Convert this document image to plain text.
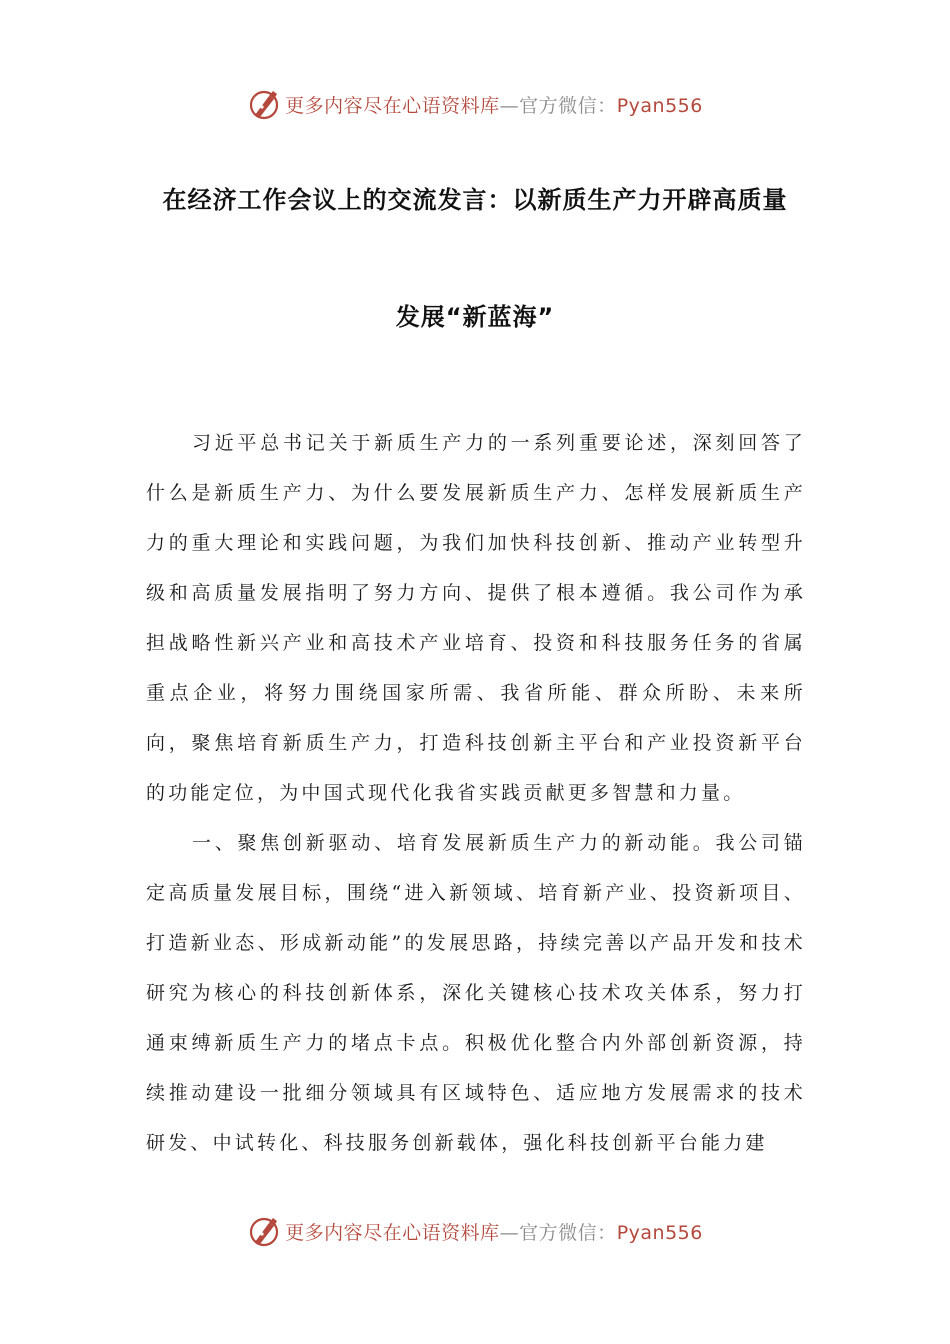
更多内容尽在心语资料库—官方微信：Pyan556
在经济工作会议上的交流发言：以新质生产力开辟高质量
发展“新蓝海”

习近平总书记关于新质生产力的一系列重要论述，深刻回答了什么是新质生产力、为什么要发展新质生产力、怎样发展新质生产力的重大理论和实践问题，为我们加快科技创新、推动产业转型升级和高质量发展指明了努力方向、提供了根本遵循。我公司作为承担战略性新兴产业和高技术产业培育、投资和科技服务任务的省属重点企业，将努力围绕国家所需、我省所能、群众所盼、未来所向，聚焦培育新质生产力，打造科技创新主平台和产业投资新平台的功能定位，为中国式现代化我省实践贡献更多智慧和力量。

一、聚焦创新驱动、培育发展新质生产力的新动能。我公司锚定高质量发展目标，围绕“进入新领域、培育新产业、投资新项目、打造新业态、形成新动能”的发展思路，持续完善以产品开发和技术研究为核心的科技创新体系，深化关键核心技术攻关体系，努力打通束缚新质生产力的堵点卡点。积极优化整合内外部创新资源，持续推动建设一批细分领域具有区域特色、适应地方发展需求的技术研发、中试转化、科技服务创新载体，强化科技创新平台能力建

更多内容尽在心语资料库—官方微信：Pyan556
